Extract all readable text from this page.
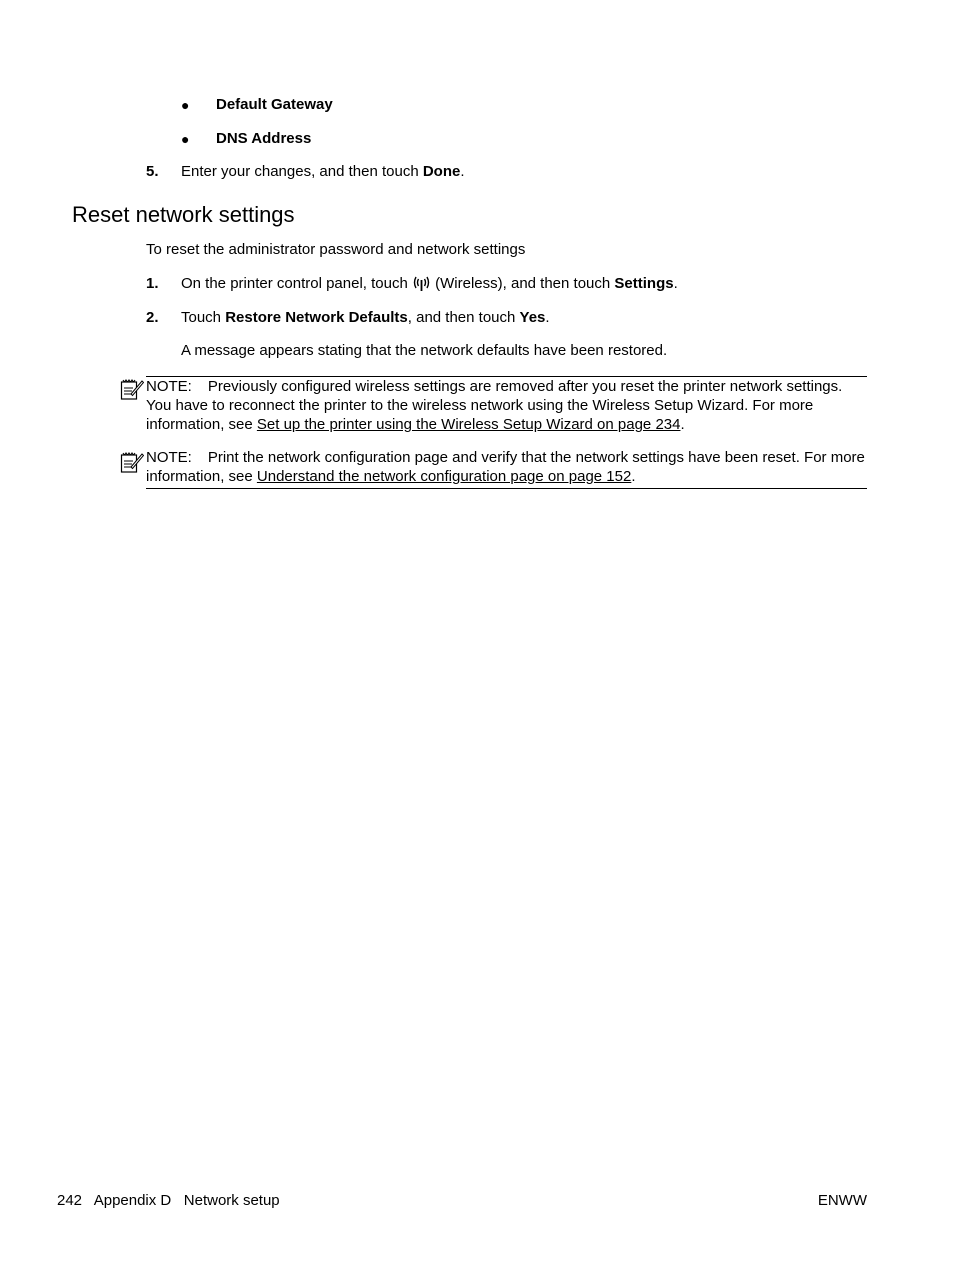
● Default Gateway
● DNS Address
5. Enter your changes, and then touch Done.
Reset network settings
To reset the administrator password and network settings
1. On the printer control panel, touch  (Wireless), and then touch Settings.
2. Touch Restore Network Defaults, and then touch Yes.
A message appears stating that the network defaults have been restored.
NOTE: Previously configured wireless settings are removed after you reset the printer network settings. You have to reconnect the printer to the wireless network using the Wireless Setup Wizard. For more information, see Set up the printer using the Wireless Setup Wizard on page 234.
NOTE: Print the network configuration page and verify that the network settings have been reset. For more information, see Understand the network configuration page on page 152.
242 Appendix D   Network setup	ENWW
